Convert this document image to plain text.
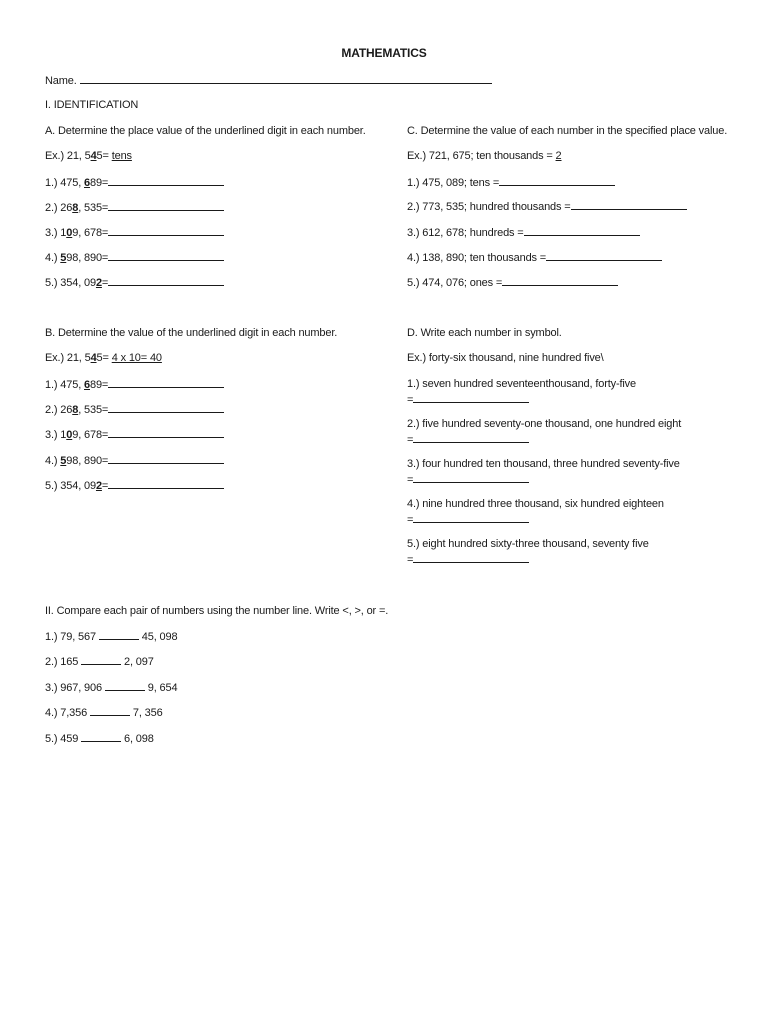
MATHEMATICS
Name.
I. IDENTIFICATION
A. Determine the place value of the underlined digit in each number.
Ex.) 21, 545= tens
1.) 475, 689=
2.) 268, 535=
3.) 109, 678=
4.) 598, 890=
5.) 354, 092=
C. Determine the value of each number in the specified place value.
Ex.) 721, 675; ten thousands = 2
1.) 475, 089; tens =
2.) 773, 535; hundred thousands =
3.) 612, 678; hundreds =
4.) 138, 890; ten thousands =
5.) 474, 076; ones =
B. Determine the value of the underlined digit in each number.
Ex.) 21, 545= 4 x 10= 40
1.) 475, 689=
2.) 268, 535=
3.) 109, 678=
4.) 598, 890=
5.) 354, 092=
D. Write each number in symbol.
Ex.) forty-six thousand, nine hundred five\
1.) seven hundred seventeenthousand, forty-five
=
2.) five hundred seventy-one thousand, one hundred eight
=
3.) four hundred ten thousand, three hundred seventy-five
=
4.) nine hundred three thousand, six hundred eighteen
=
5.) eight hundred sixty-three thousand, seventy five
=
II. Compare each pair of numbers using the number line. Write <, >, or =.
1.) 79, 567	45, 098
2.) 165	2, 097
3.) 967, 906	9, 654
4.) 7,356	7, 356
5.) 459	6, 098
